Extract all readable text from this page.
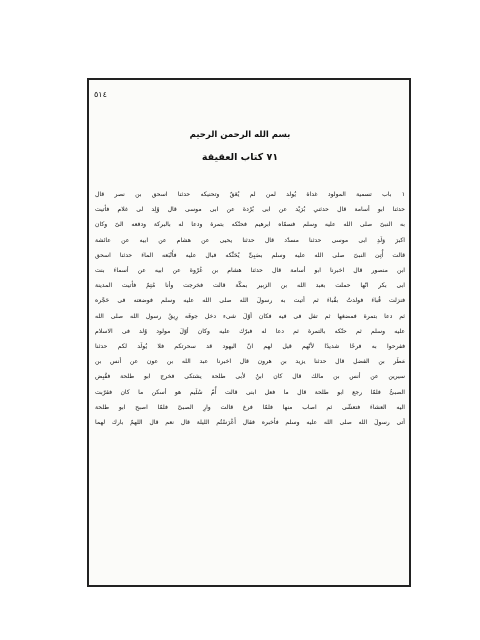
٥١٤
بسم الله الرحمن الرحيم
٧١ كتاب العقيقة
١ باب تسمية المولود غداة يُولد لمن لم يُعَقّ وتحنيكه حدثنا اسحق بن نصر قال
حدثنا ابو أسامة قال حدثني بُرَيْد عن ابى بُرْدة عن ابى موسى قال وُلِد لى غلام فأتيت
به النبىّ صلى الله عليه وسلم فسمّاه ابرهيم فحنّكه بتمرة ودعا له بالبركة ودفعه الىّ وكان
اكبرَ وَلَدِ ابى موسى حدثنا مسدّد قال حدثنا يحيى عن هشام عن ابيه عن عائشة
قالت أُتِىَ النبىّ صلى الله عليه وسلم بصَبِىٍّ يُحَنِّكه فبال عليه فأَتْبَعه الماءَ حدثنا اسحق
ابن منصور قال اخبرنا ابو أسامة قال حدثنا هشام بن عُرْوة عن ابيه عن أسماءَ بنت
ابى بكر انّها حملت بعبد الله بن الزبير بمكّة قالت فخرجت وأنا مُتِمّ فأتيت المدينة
فنزلت قُباءَ فولدتُ بقُباءَ ثم أتيت به رسولَ الله صلى الله عليه وسلم فوضعته فى حَجْره
ثم دعا بتمرة فمضغها ثم تفل فى فيه فكان أوّلَ شىء دخل جوفَه رِيقُ رسول الله صلى الله
عليه وسلم ثم حنّكه بالتمرة ثم دعا له فبرّك عليه وكان أوّلَ مولود وُلد فى الاسلام
ففرحوا به فرحًا شديدًا لأنّهم قيل لهم انّ اليهود قد سحرتكم فلا يُولَد لكم حدثنا
مَطَر بن الفضل قال حدثنا يزيد بن هرون قال اخبرنا عبد الله بن عون عن أنس بن
سيرين عن أنس بن مالك قال كان ابنٌ لأبى طلحة يشتكى فخرج ابو طلحة فقُبِض
الصبىُّ فلمّا رجع ابو طلحة قال ما فعل ابنى قالت أُمّ سُلَيم هو أسكن ما كان فقرّبت
اليه العشاءَ فتعشّى ثم اصاب منها فلمّا فرغ قالت وارِ الصبىَّ فلمّا اصبح ابو طلحة
أتى رسولَ الله صلى الله عليه وسلم فأخبره فقال أَعْرَسْتُم الليلة قال نعم قال اللهمّ بارك لهما
